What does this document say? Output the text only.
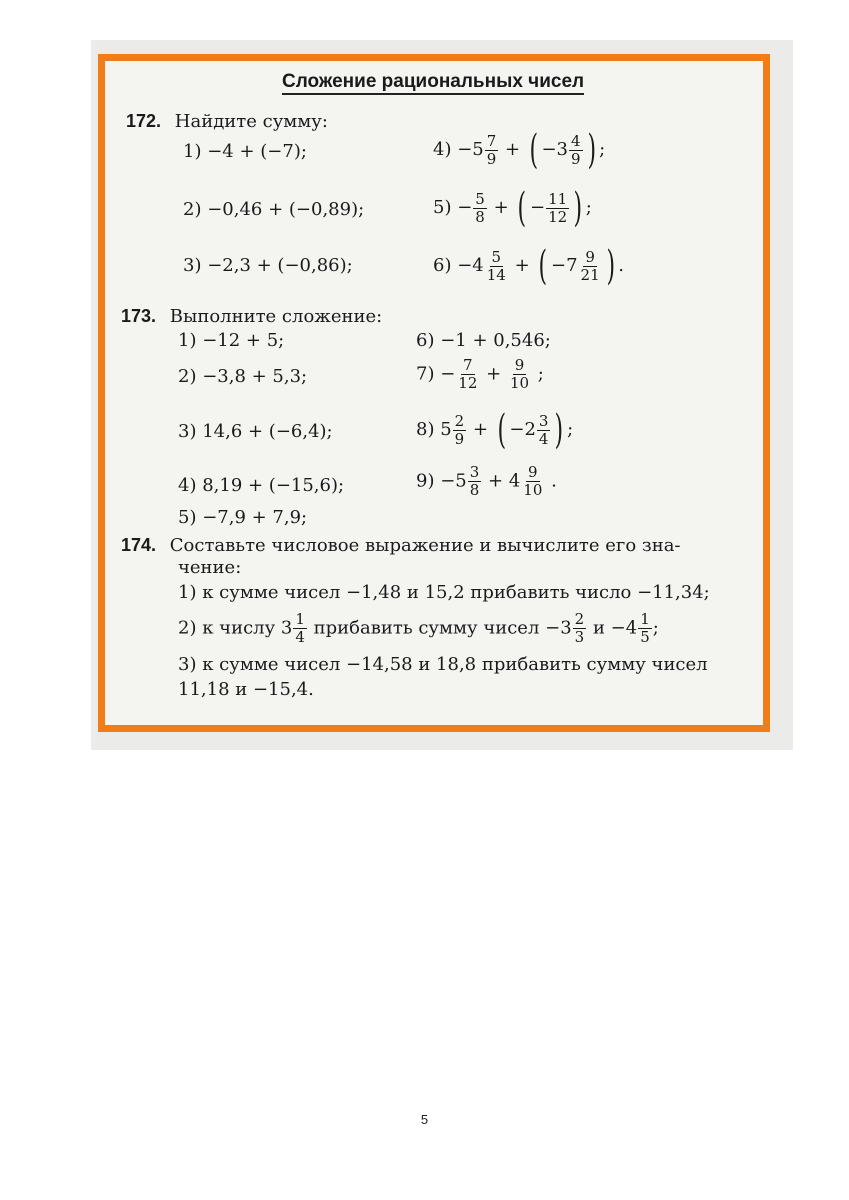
Сложение рациональных чисел
172. Найдите сумму:
1) −4 + (−7);
2) −0,46 + (−0,89);
3) −2,3 + (−0,86);
$4) -5 \frac{7}{9}$ + ( $-3 \frac{4}{9}$ ) ;
$5) - \frac{5}{8}$ + ( − $\frac{11}{12}$ ) ;
$6) -4 \frac{5}{14}$ + ( $-7 \frac{9}{21}$ ) .
173. Выполните сложение:
1) −12 + 5;
2) −3,8 + 5,3;
3) 14,6 + (−6,4);
4) 8,19 + (−15,6);
5) −7,9 + 7,9;
6) −1 + 0,546;
$7) - \frac{7}{12} + \frac{9}{10}$ ;
8) $5 \frac{2}{9}$ + ( $-2 \frac{3}{4}$ ) ;
$9) -5 \frac{3}{8} + 4 \frac{9}{10}$ .
174. Составьте числовое выражение и вычислите его зна-
чение:
1) к сумме чисел −1,48 и 15,2 прибавить число −11,34;
2) к числу $3 \frac{1}{4}$ прибавить сумму чисел $-3 \frac{2}{3}$ $и -4 \frac{1}{5}$ ;
3) к сумме чисел −14,58 и 18,8 прибавить сумму чисел
11,18 и −15,4.
5
